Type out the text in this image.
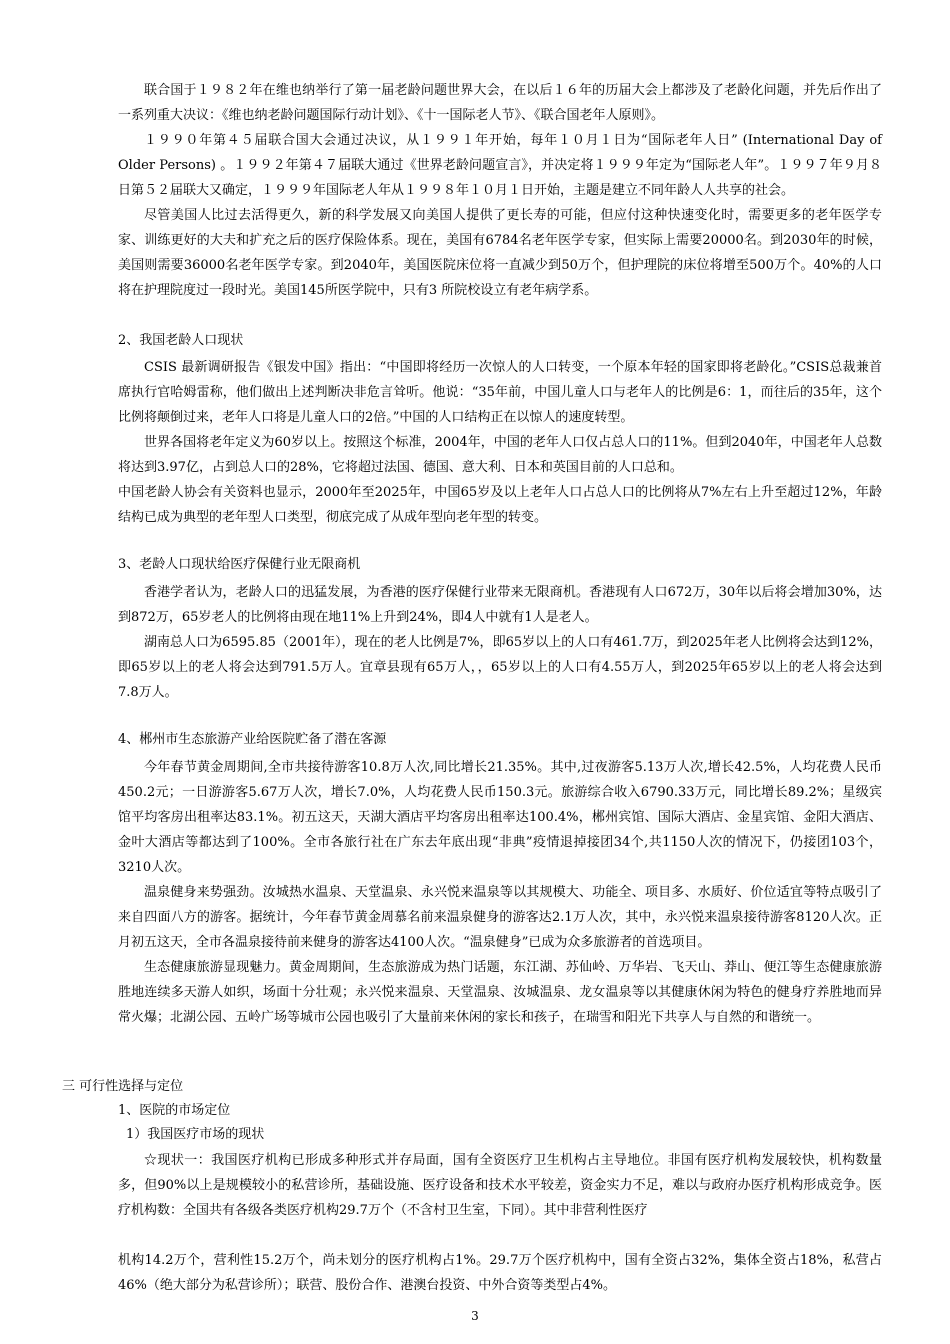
联合国于１９８２年在维也纳举行了第一届老龄问题世界大会，在以后１６年的历届大会上都涉及了老龄化问题，并先后作出了一系列重大决议：《维也纳老龄问题国际行动计划》、《十一国际老人节》、《联合国老年人原则》。

１９９０年第４５届联合国大会通过决议，从１９９１年开始，每年１０月１日为“国际老年人日” (International Day of Older Persons) 。１９９２年第４７届联大通过《世界老龄问题宣言》，并决定将１９９９年定为“国际老人年”。１９９７年９月８日第５２届联大又确定，１９９９年国际老人年从１９９８年１０月１日开始，主题是建立不同年龄人人共享的社会。

尽管美国人比过去活得更久，新的科学发展又向美国人提供了更长寿的可能，但应付这种快速变化时，需要更多的老年医学专家、训练更好的大夫和扩充之后的医疗保险体系。现在，美国有6784名老年医学专家，但实际上需要20000名。到2030年的时候，美国则需要36000名老年医学专家。到2040年，美国医院床位将一直减少到50万个，但护理院的床位将增至500万个。40%的人口将在护理院度过一段时光。美国145所医学院中，只有3 所院校设立有老年病学系。

2、我国老龄人口现状

CSIS 最新调研报告《银发中国》指出：“中国即将经历一次惊人的人口转变，一个原本年轻的国家即将老龄化。”CSIS总裁兼首席执行官哈姆雷称，他们做出上述判断决非危言耸听。他说：“35年前，中国儿童人口与老年人的比例是6：1，而往后的35年，这个比例将颠倒过来，老年人口将是儿童人口的2倍。”中国的人口结构正在以惊人的速度转型。

世界各国将老年定义为60岁以上。按照这个标准，2004年，中国的老年人口仅占总人口的11%。但到2040年，中国老年人总数将达到3.97亿，占到总人口的28%，它将超过法国、德国、意大利、日本和英国目前的人口总和。

中国老龄人协会有关资料也显示，2000年至2025年，中国65岁及以上老年人口占总人口的比例将从7%左右上升至超过12%，年龄结构已成为典型的老年型人口类型，彻底完成了从成年型向老年型的转变。

3、老龄人口现状给医疗保健行业无限商机

香港学者认为，老龄人口的迅猛发展，为香港的医疗保健行业带来无限商机。香港现有人口672万，30年以后将会增加30%，达到872万，65岁老人的比例将由现在地11%上升到24%，即4人中就有1人是老人。

湖南总人口为6595.85（2001年），现在的老人比例是7%，即65岁以上的人口有461.7万，到2025年老人比例将会达到12%，即65岁以上的老人将会达到791.5万人。宜章县现有65万人，，65岁以上的人口有4.55万人，到2025年65岁以上的老人将会达到7.8万人。

4、郴州市生态旅游产业给医院贮备了潜在客源

今年春节黄金周期间,全市共接待游客10.8万人次,同比增长21.35%。其中,过夜游客5.13万人次,增长42.5%，人均花费人民币450.2元；一日游游客5.67万人次，增长7.0%，人均花费人民币150.3元。旅游综合收入6790.33万元，同比增长89.2%；星级宾馆平均客房出租率达83.1%。初五这天，天湖大酒店平均客房出租率达100.4%，郴州宾馆、国际大酒店、金星宾馆、金阳大酒店、金叶大酒店等都达到了100%。全市各旅行社在广东去年底出现“非典”疫情退掉接团34个,共1150人次的情况下，仍接团103个，3210人次。

温泉健身来势强劲。汝城热水温泉、天堂温泉、永兴悦来温泉等以其规模大、功能全、项目多、水质好、价位适宜等特点吸引了来自四面八方的游客。据统计，今年春节黄金周慕名前来温泉健身的游客达2.1万人次，其中，永兴悦来温泉接待游客8120人次。正月初五这天，全市各温泉接待前来健身的游客达4100人次。“温泉健身”已成为众多旅游者的首选项目。

生态健康旅游显现魅力。黄金周期间，生态旅游成为热门话题，东江湖、苏仙岭、万华岩、飞天山、莽山、便江等生态健康旅游胜地连续多天游人如织，场面十分壮观；永兴悦来温泉、天堂温泉、汝城温泉、龙女温泉等以其健康休闲为特色的健身疗养胜地而异常火爆；北湖公园、五岭广场等城市公园也吸引了大量前来休闲的家长和孩子，在瑞雪和阳光下共享人与自然的和谐统一。

三 可行性选择与定位
1、医院的市场定位
1）我国医疗市场的现状

☆现状一：我国医疗机构已形成多种形式并存局面，国有全资医疗卫生机构占主导地位。非国有医疗机构发展较快，机构数量多，但90%以上是规模较小的私营诊所，基础设施、医疗设备和技术水平较差，资金实力不足，难以与政府办医疗机构形成竞争。医疗机构数：全国共有各级各类医疗机构29.7万个（不含村卫生室，下同）。其中非营利性医疗

机构14.2万个，营利性15.2万个，尚未划分的医疗机构占1%。29.7万个医疗机构中，国有全资占32%，集体全资占18%，私营占46%（绝大部分为私营诊所）；联营、股份合作、港澳台投资、中外合资等类型占4%。

3
